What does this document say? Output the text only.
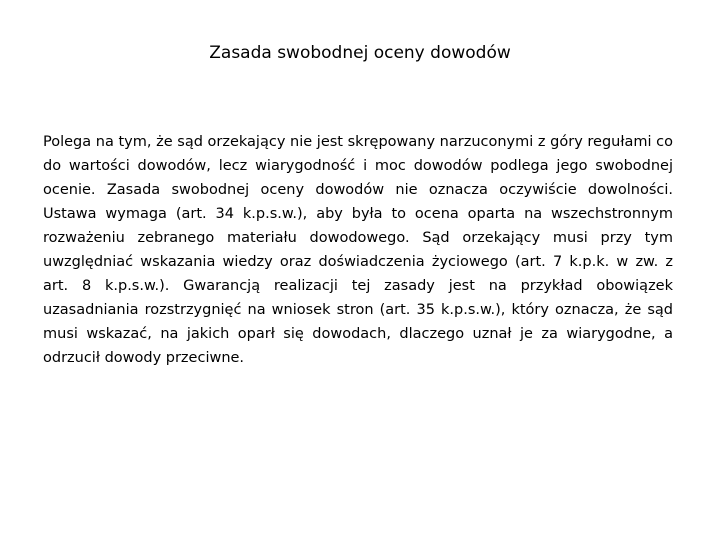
Zasada swobodnej oceny dowodów

Polega na tym, że sąd orzekający nie jest skrępowany narzuconymi z góry regułami co do wartości dowodów, lecz wiarygodność i moc dowodów podlega jego swobodnej ocenie. Zasada swobodnej oceny dowodów nie oznacza oczywiście dowolności. Ustawa wymaga (art. 34 k.p.s.w.), aby była to ocena oparta na wszechstronnym rozważeniu zebranego materiału dowodowego. Sąd orzekający musi przy tym uwzględniać wskazania wiedzy oraz doświadczenia życiowego (art. 7 k.p.k. w zw. z art. 8 k.p.s.w.). Gwarancją realizacji tej zasady jest na przykład obowiązek uzasadniania rozstrzygnięć na wniosek stron (art. 35 k.p.s.w.), który oznacza, że sąd musi wskazać, na jakich oparł się dowodach, dlaczego uznał je za wiarygodne, a odrzucił dowody przeciwne.
